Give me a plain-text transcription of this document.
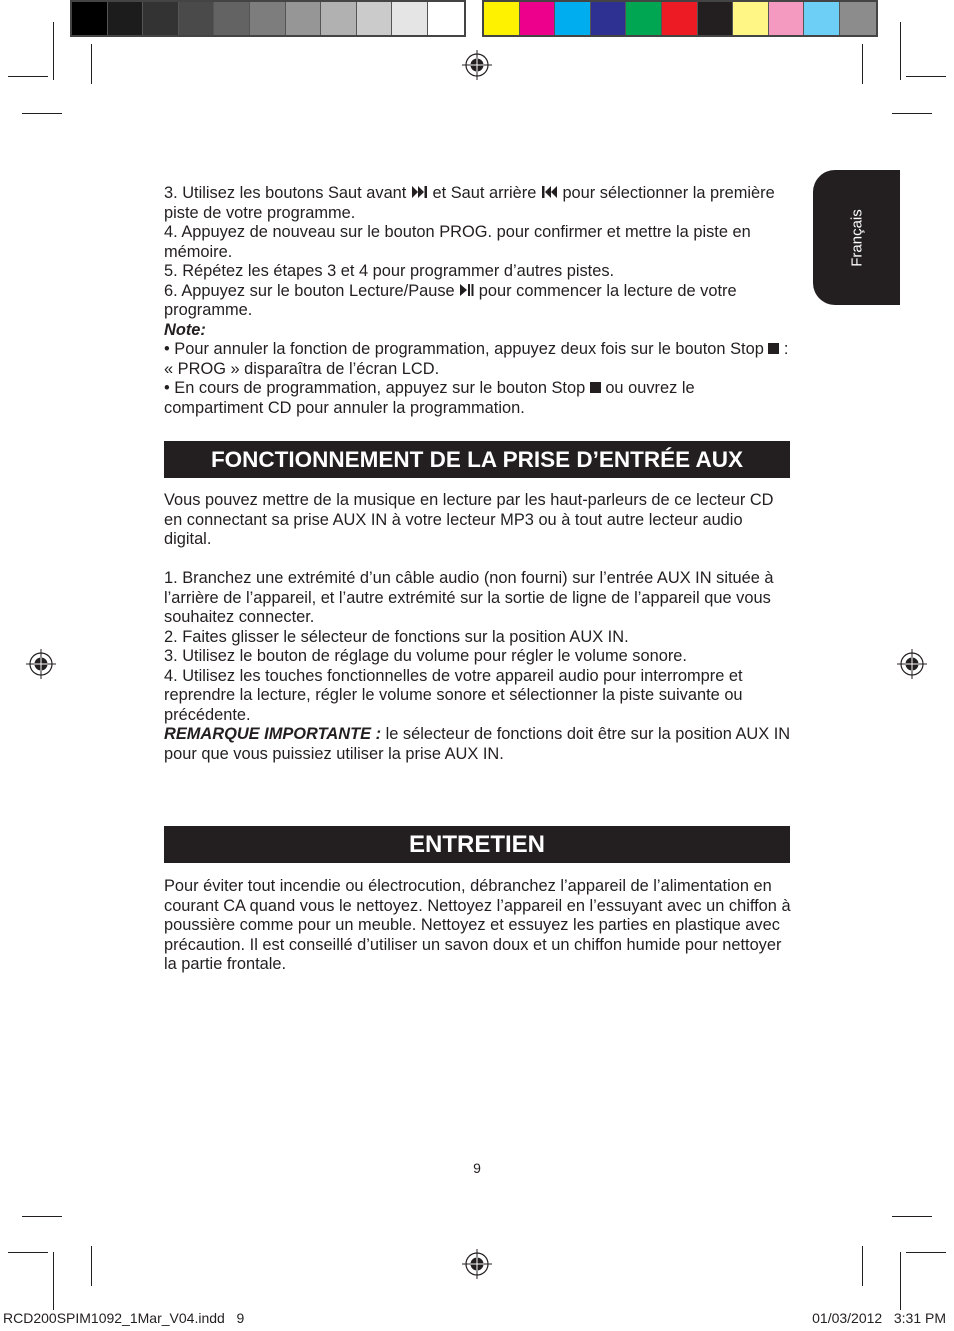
Français

3. Utilisez les boutons Saut avant
et Saut arrière
pour sélectionner la première piste de votre programme.

4. Appuyez de nouveau sur le bouton PROG. pour confirmer et mettre la piste en mémoire.

5. Répétez les étapes 3 et 4 pour programmer d’autres pistes.

6. Appuyez sur le bouton Lecture/Pause
pour commencer la lecture de votre programme.

Note:

• Pour annuler la fonction de programmation, appuyez deux fois sur le bouton Stop  : « PROG » disparaîtra de l’écran LCD.

• En cours de programmation, appuyez sur le bouton Stop  ou ouvrez le compartiment CD pour annuler la programmation.

FONCTIONNEMENT DE LA PRISE D’ENTRÉE AUX

Vous pouvez mettre de la musique en lecture par les haut-parleurs de ce lecteur CD en connectant sa prise AUX IN à votre lecteur MP3 ou à tout autre lecteur audio digital.

1. Branchez une extrémité d’un câble audio (non fourni) sur l’entrée AUX IN située à l’arrière de l’appareil, et l’autre extrémité sur la sortie de ligne de l’appareil que vous souhaitez connecter.

2. Faites glisser le sélecteur de fonctions sur la position AUX IN.

3. Utilisez le bouton de réglage du volume pour régler le volume sonore.

4. Utilisez les touches fonctionnelles de votre appareil audio pour interrompre et reprendre la lecture, régler le volume sonore et sélectionner la piste suivante ou précédente.

REMARQUE IMPORTANTE : le sélecteur de fonctions doit être sur la position AUX IN pour que vous puissiez utiliser la prise AUX IN.

ENTRETIEN

Pour éviter tout incendie ou électrocution, débranchez l’appareil de l’alimentation en courant CA quand vous le nettoyez. Nettoyez l’appareil en l’essuyant avec un chiffon à poussière comme pour un meuble. Nettoyez et essuyez les parties en plastique avec précaution. Il est conseillé d’utiliser un savon doux et un chiffon humide pour nettoyer la partie frontale.

9
RCD200SPIM1092_1Mar_V04.indd   9	01/03/2012   3:31 PM
